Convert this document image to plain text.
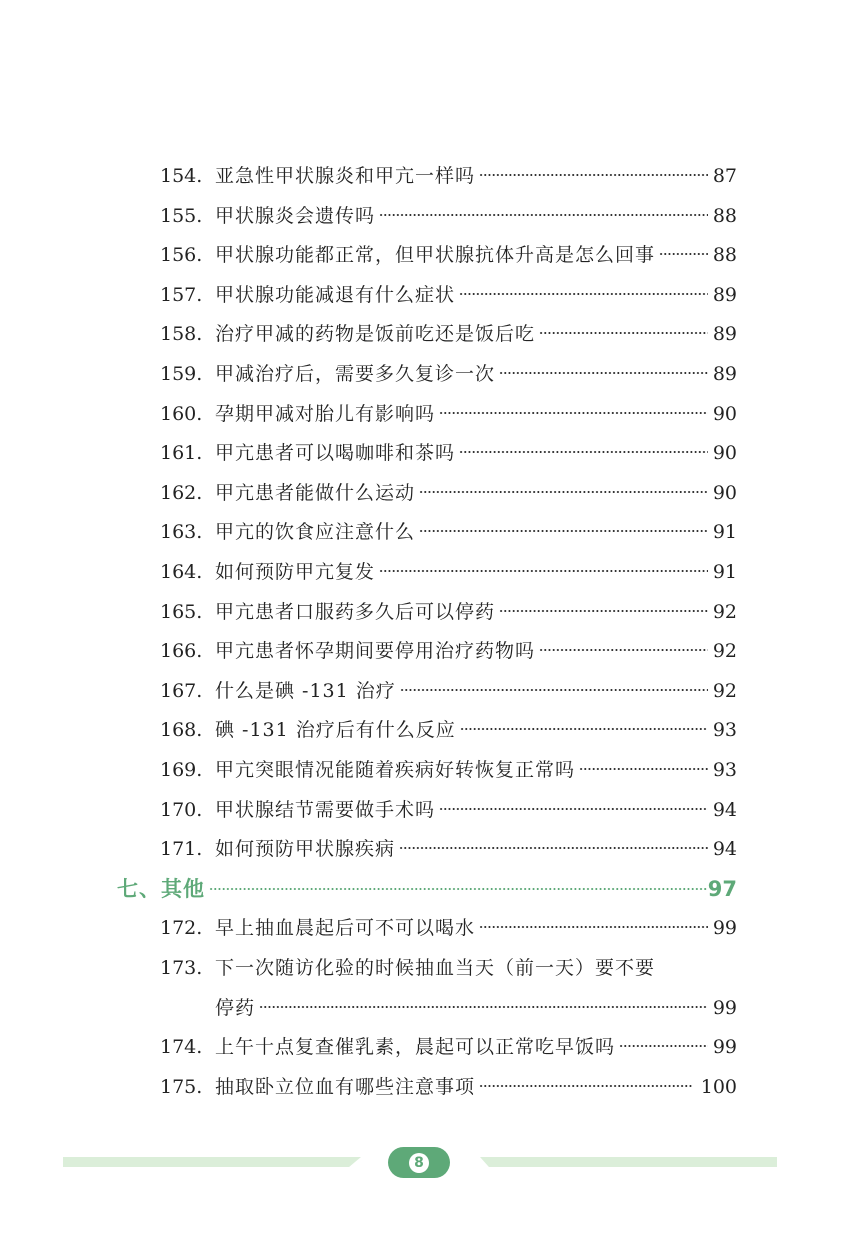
154. 亚急性甲状腺炎和甲亢一样吗	87
155. 甲状腺炎会遗传吗	88
156. 甲状腺功能都正常，但甲状腺抗体升高是怎么回事	88
157. 甲状腺功能减退有什么症状	89
158. 治疗甲减的药物是饭前吃还是饭后吃	89
159. 甲减治疗后，需要多久复诊一次	89
160. 孕期甲减对胎儿有影响吗	90
161. 甲亢患者可以喝咖啡和茶吗	90
162. 甲亢患者能做什么运动	90
163. 甲亢的饮食应注意什么	91
164. 如何预防甲亢复发	91
165. 甲亢患者口服药多久后可以停药	92
166. 甲亢患者怀孕期间要停用治疗药物吗	92
167. 什么是碘 -131 治疗	92
168. 碘 -131 治疗后有什么反应	93
169. 甲亢突眼情况能随着疾病好转恢复正常吗	93
170. 甲状腺结节需要做手术吗	94
171. 如何预防甲状腺疾病	94
七、其他	97
172. 早上抽血晨起后可不可以喝水	99
173. 下一次随访化验的时候抽血当天（前一天）要不要
停药	99
174. 上午十点复查催乳素，晨起可以正常吃早饭吗	99
175. 抽取卧立位血有哪些注意事项	100
8
